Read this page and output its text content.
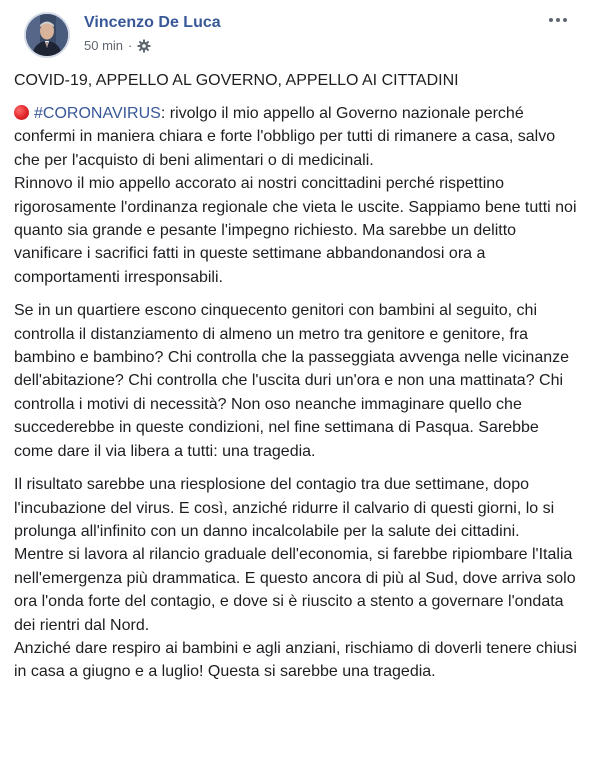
Vincenzo De Luca
50 min ·
COVID-19, APPELLO AL GOVERNO, APPELLO AI CITTADINI
#CORONAVIRUS: rivolgo il mio appello al Governo nazionale perché confermi in maniera chiara e forte l'obbligo per tutti di rimanere a casa, salvo che per l'acquisto di beni alimentari o di medicinali.
Rinnovo il mio appello accorato ai nostri concittadini perché rispettino rigorosamente l'ordinanza regionale che vieta le uscite. Sappiamo bene tutti noi quanto sia grande e pesante l'impegno richiesto. Ma sarebbe un delitto vanificare i sacrifici fatti in queste settimane abbandonandosi ora a comportamenti irresponsabili.
Se in un quartiere escono cinquecento genitori con bambini al seguito, chi controlla il distanziamento di almeno un metro tra genitore e genitore, fra bambino e bambino? Chi controlla che la passeggiata avvenga nelle vicinanze dell'abitazione? Chi controlla che l'uscita duri un'ora e non una mattinata? Chi controlla i motivi di necessità? Non oso neanche immaginare quello che succederebbe in queste condizioni, nel fine settimana di Pasqua. Sarebbe come dare il via libera a tutti: una tragedia.
Il risultato sarebbe una riesplosione del contagio tra due settimane, dopo l'incubazione del virus. E così, anziché ridurre il calvario di questi giorni, lo si prolunga all'infinito con un danno incalcolabile per la salute dei cittadini.
Mentre si lavora al rilancio graduale dell'economia, si farebbe ripiombare l'Italia nell'emergenza più drammatica. E questo ancora di più al Sud, dove arriva solo ora l'onda forte del contagio, e dove si è riuscito a stento a governare l'ondata dei rientri dal Nord.
Anziché dare respiro ai bambini e agli anziani, rischiamo di doverli tenere chiusi in casa a giugno e a luglio! Questa si sarebbe una tragedia.
